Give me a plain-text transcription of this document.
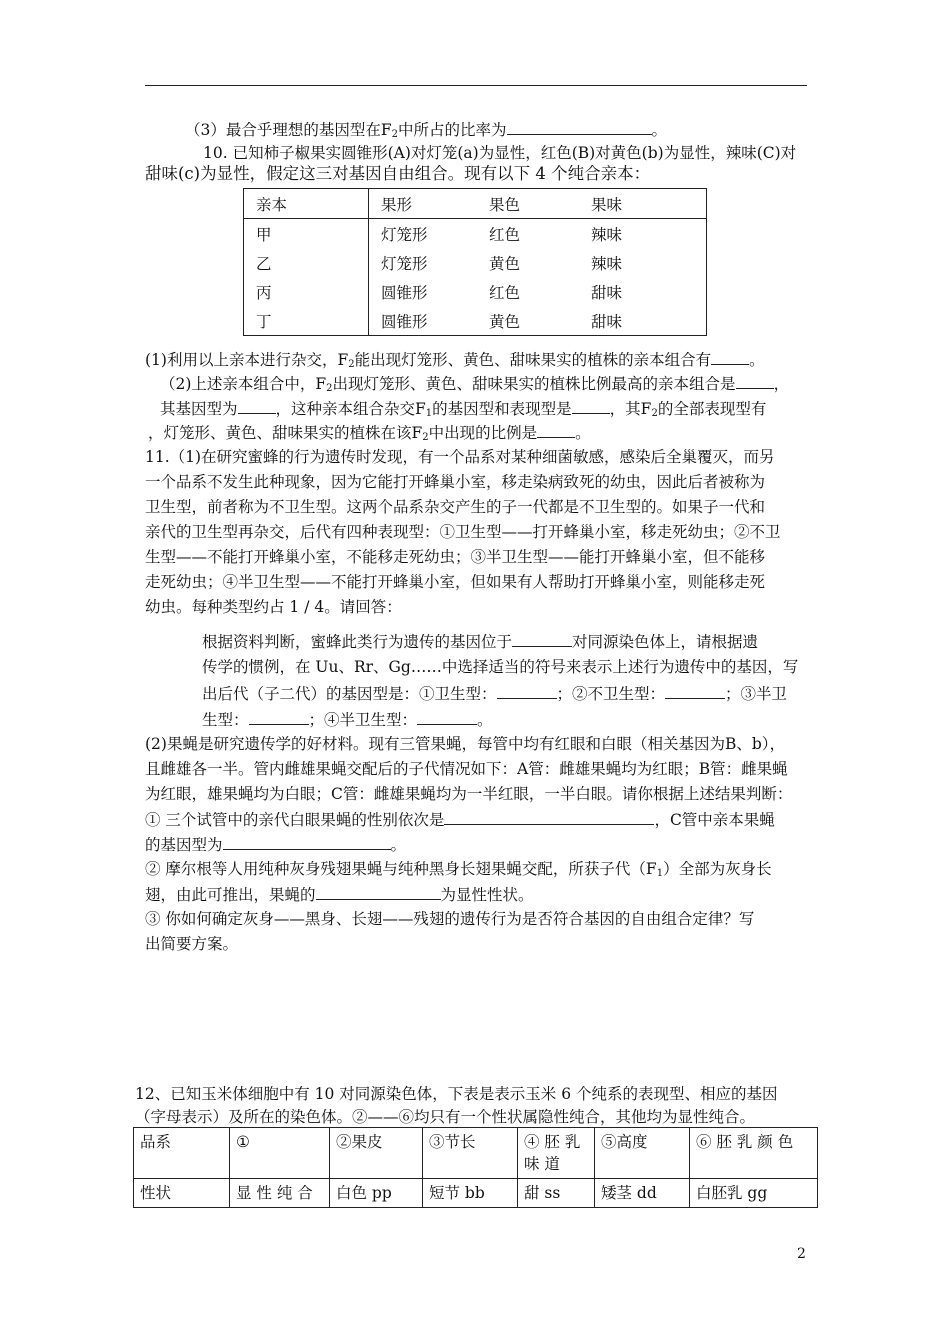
（3）最合乎理想的基因型在$F_2$中所占的比率为	。
10. 已知柿子椒果实圆锥形(A)对灯笼(a)为显性，红色(B)对黄色(b)为显性，辣味(C)对
甜味(c)为显性，假定这三对基因自由组合。现有以下 4 个纯合亲本：
亲本	果形	果色	果味
甲	灯笼形	红色	辣味
乙	灯笼形	黄色	辣味
丙	圆锥形	红色	甜味
丁	圆锥形	黄色	甜味
(1)利用以上亲本进行杂交，$F_2$能出现灯笼形、黄色、甜味果实的植株的亲本组合有 。
（2)上述亲本组合中，$F_2$出现灯笼形、黄色、甜味果实的植株比例最高的亲本组合是 ，
其基因型为 ，这种亲本组合杂交$F_1$的基因型和表现型是 ，其$F_2$的全部表现型有
，灯笼形、黄色、甜味果实的植株在该$F_2$中出现的比例是 。
11.（1)在研究蜜蜂的行为遗传时发现，有一个品系对某种细菌敏感，感染后全巢覆灭，而另
一个品系不发生此种现象，因为它能打开蜂巢小室，移走染病致死的幼虫，因此后者被称为
卫生型，前者称为不卫生型。这两个品系杂交产生的子一代都是不卫生型的。如果子一代和
亲代的卫生型再杂交，后代有四种表现型：①卫生型——打开蜂巢小室，移走死幼虫；②不卫
生型——不能打开蜂巢小室，不能移走死幼虫；③半卫生型——能打开蜂巢小室，但不能移
走死幼虫；④半卫生型——不能打开蜂巢小室，但如果有人帮助打开蜂巢小室，则能移走死
幼虫。每种类型约占 1 / 4。请回答：
根据资料判断，蜜蜂此类行为遗传的基因位于	对同源染色体上，请根据遗
传学的惯例，在 Uu、Rr、Gg……中选择适当的符号来表示上述行为遗传中的基因，写
出后代（子二代）的基因型是：①卫生型：	；②不卫生型：	；③半卫
生型：	；④半卫生型：	。
(2)果蝇是研究遗传学的好材料。现有三管果蝇，每管中均有红眼和白眼（相关基因为B、b），
且雌雄各一半。管内雌雄果蝇交配后的子代情况如下：A管：雌雄果蝇均为红眼；B管：雌果蝇
为红眼，雄果蝇均为白眼；C管：雌雄果蝇均为一半红眼，一半白眼。请你根据上述结果判断：
① 三个试管中的亲代白眼果蝇的性别依次是	，C管中亲本果蝇
的基因型为	。
② 摩尔根等人用纯种灰身残翅果蝇与纯种黑身长翅果蝇交配，所获子代$(F_1)$全部为灰身长
翅，由此可推出，果蝇的	为显性性状。
③ 你如何确定灰身——黑身、长翅——残翅的遗传行为是否符合基因的自由组合定律？写
出简要方案。
12、已知玉米体细胞中有 10 对同源染色体，下表是表示玉米 6 个纯系的表现型、相应的基因
（字母表示）及所在的染色体。②——⑥均只有一个性状属隐性纯合，其他均为显性纯合。
品系	①	②果皮	③节长	④ 胚 乳 味 道	⑤高度	⑥ 胚 乳 颜 色
性状	显 性 纯 合	白色 pp	短节 bb	甜 ss	矮茎 dd	白胚乳 gg
2
